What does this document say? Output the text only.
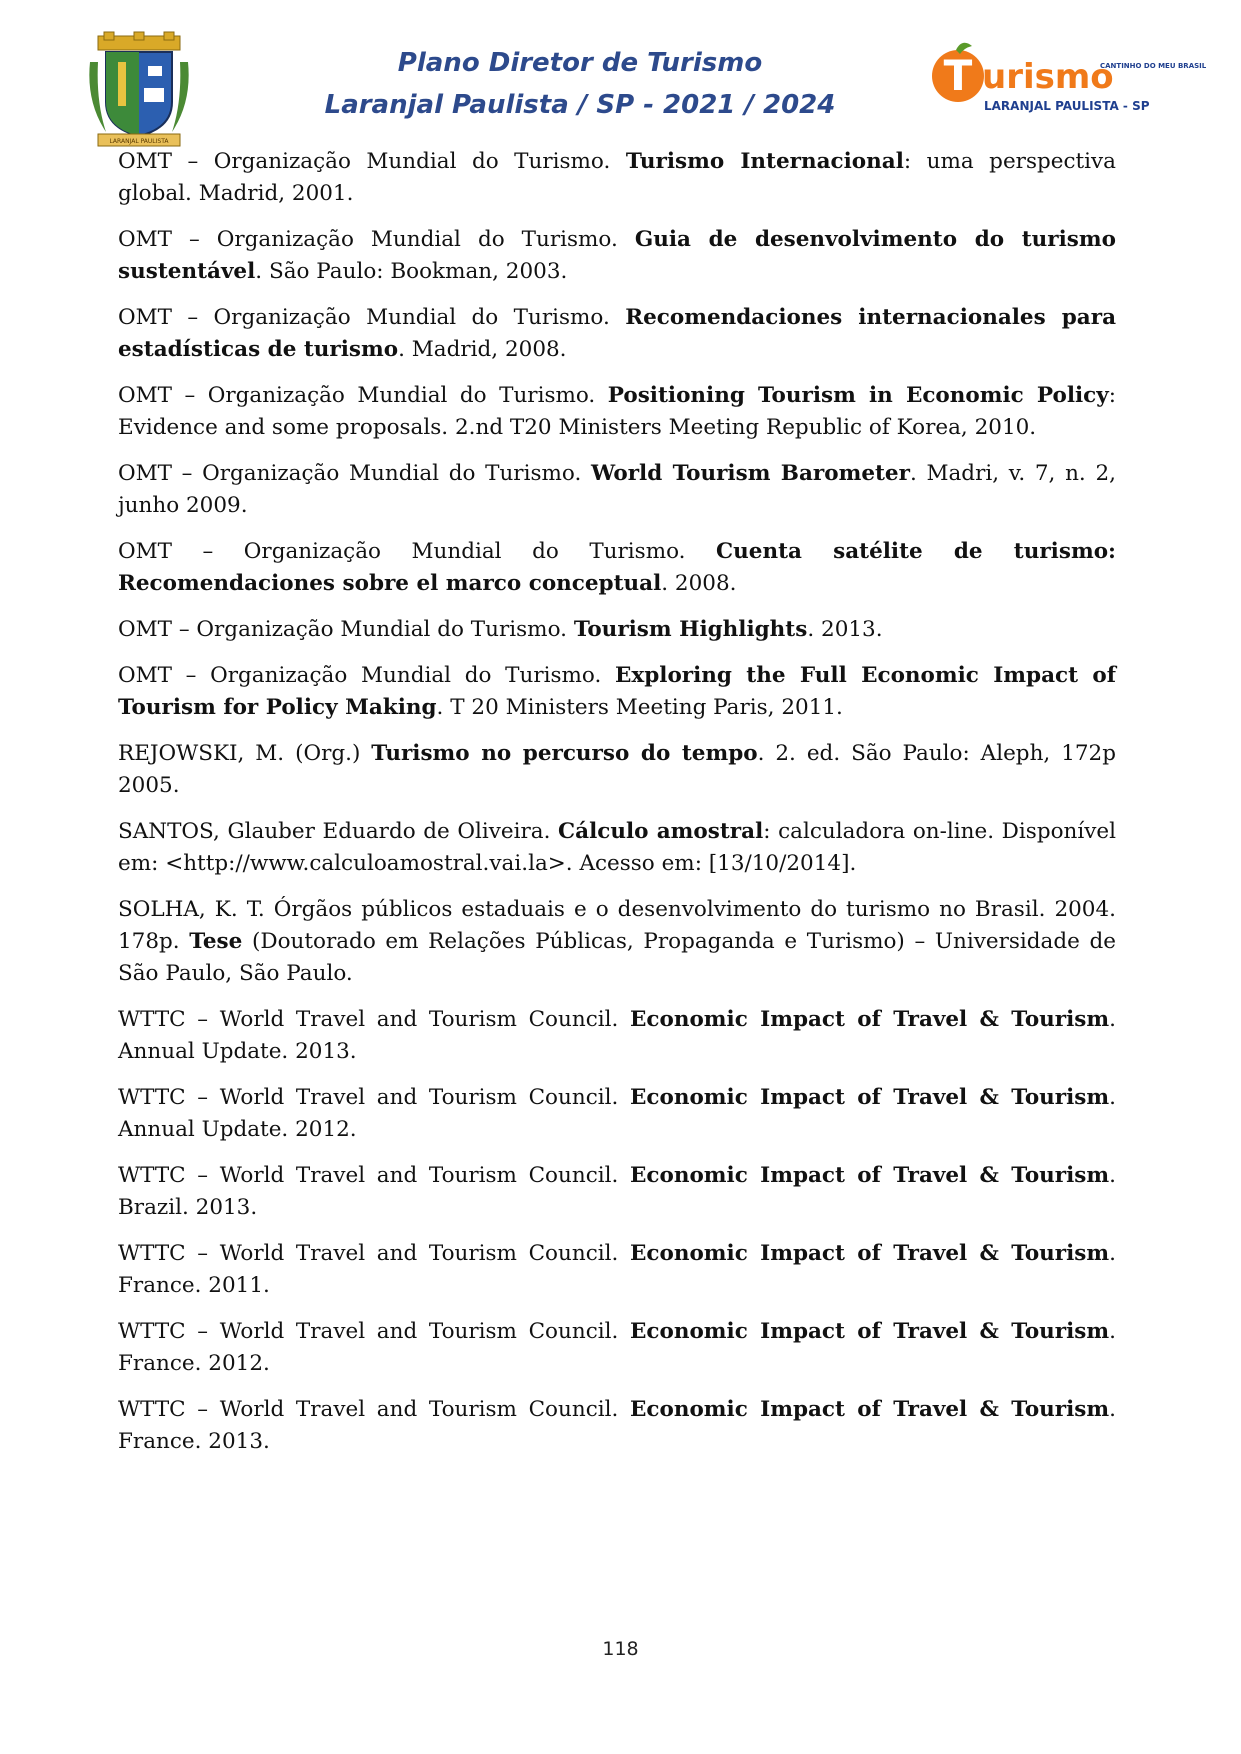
LARANJAL PAULISTA
Plano Diretor de Turismo
Laranjal Paulista / SP - 2021 / 2024
T urismo
CANTINHO DO MEU BRASIL
LARANJAL PAULISTA - SP

OMT – Organização Mundial do Turismo. Turismo Internacional: uma perspectiva global. Madrid, 2001.

OMT – Organização Mundial do Turismo. Guia de desenvolvimento do turismo sustentável. São Paulo: Bookman, 2003.

OMT – Organização Mundial do Turismo. Recomendaciones internacionales para estadísticas de turismo. Madrid, 2008.

OMT – Organização Mundial do Turismo. Positioning Tourism in Economic Policy: Evidence and some proposals. 2.nd T20 Ministers Meeting Republic of Korea, 2010.

OMT – Organização Mundial do Turismo. World Tourism Barometer. Madri, v. 7, n. 2, junho 2009.

OMT – Organização Mundial do Turismo. Cuenta satélite de turismo: Recomendaciones sobre el marco conceptual. 2008.

OMT – Organização Mundial do Turismo. Tourism Highlights. 2013.

OMT – Organização Mundial do Turismo. Exploring the Full Economic Impact of Tourism for Policy Making. T 20 Ministers Meeting Paris, 2011.

REJOWSKI, M. (Org.) Turismo no percurso do tempo. 2. ed. São Paulo: Aleph, 172p 2005.

SANTOS, Glauber Eduardo de Oliveira. Cálculo amostral: calculadora on-line. Disponível em: <http://www.calculoamostral.vai.la>. Acesso em: [13/10/2014].

SOLHA, K. T. Órgãos públicos estaduais e o desenvolvimento do turismo no Brasil. 2004. 178p. Tese (Doutorado em Relações Públicas, Propaganda e Turismo) – Universidade de São Paulo, São Paulo.

WTTC – World Travel and Tourism Council. Economic Impact of Travel & Tourism. Annual Update. 2013.

WTTC – World Travel and Tourism Council. Economic Impact of Travel & Tourism. Annual Update. 2012.

WTTC – World Travel and Tourism Council. Economic Impact of Travel & Tourism. Brazil. 2013.

WTTC – World Travel and Tourism Council. Economic Impact of Travel & Tourism. France. 2011.

WTTC – World Travel and Tourism Council. Economic Impact of Travel & Tourism. France. 2012.

WTTC – World Travel and Tourism Council. Economic Impact of Travel & Tourism. France. 2013.

118
